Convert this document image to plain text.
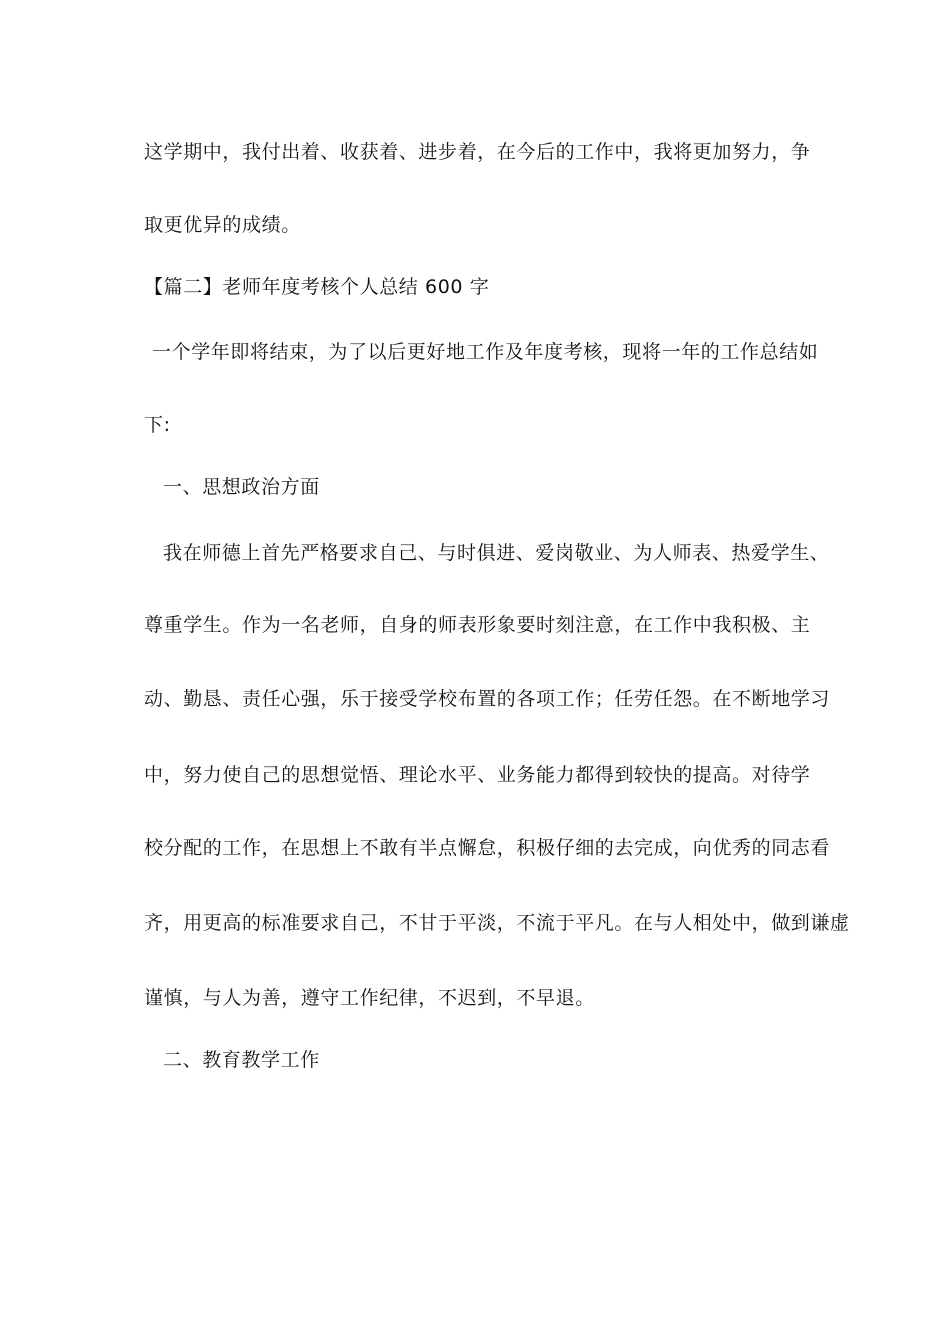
这学期中，我付出着、收获着、进步着，在今后的工作中，我将更加努力，争
取更优异的成绩。
【篇二】老师年度考核个人总结 600 字
一个学年即将结束，为了以后更好地工作及年度考核，现将一年的工作总结如
下:
一、思想政治方面
我在师德上首先严格要求自己、与时俱进、爱岗敬业、为人师表、热爱学生、
尊重学生。作为一名老师，自身的师表形象要时刻注意，在工作中我积极、主
动、勤恳、责任心强，乐于接受学校布置的各项工作；任劳任怨。在不断地学习
中，努力使自己的思想觉悟、理论水平、业务能力都得到较快的提高。对待学
校分配的工作，在思想上不敢有半点懈怠，积极仔细的去完成，向优秀的同志看
齐，用更高的标准要求自己，不甘于平淡，不流于平凡。在与人相处中，做到谦虚
谨慎，与人为善，遵守工作纪律，不迟到，不早退。
二、教育教学工作
